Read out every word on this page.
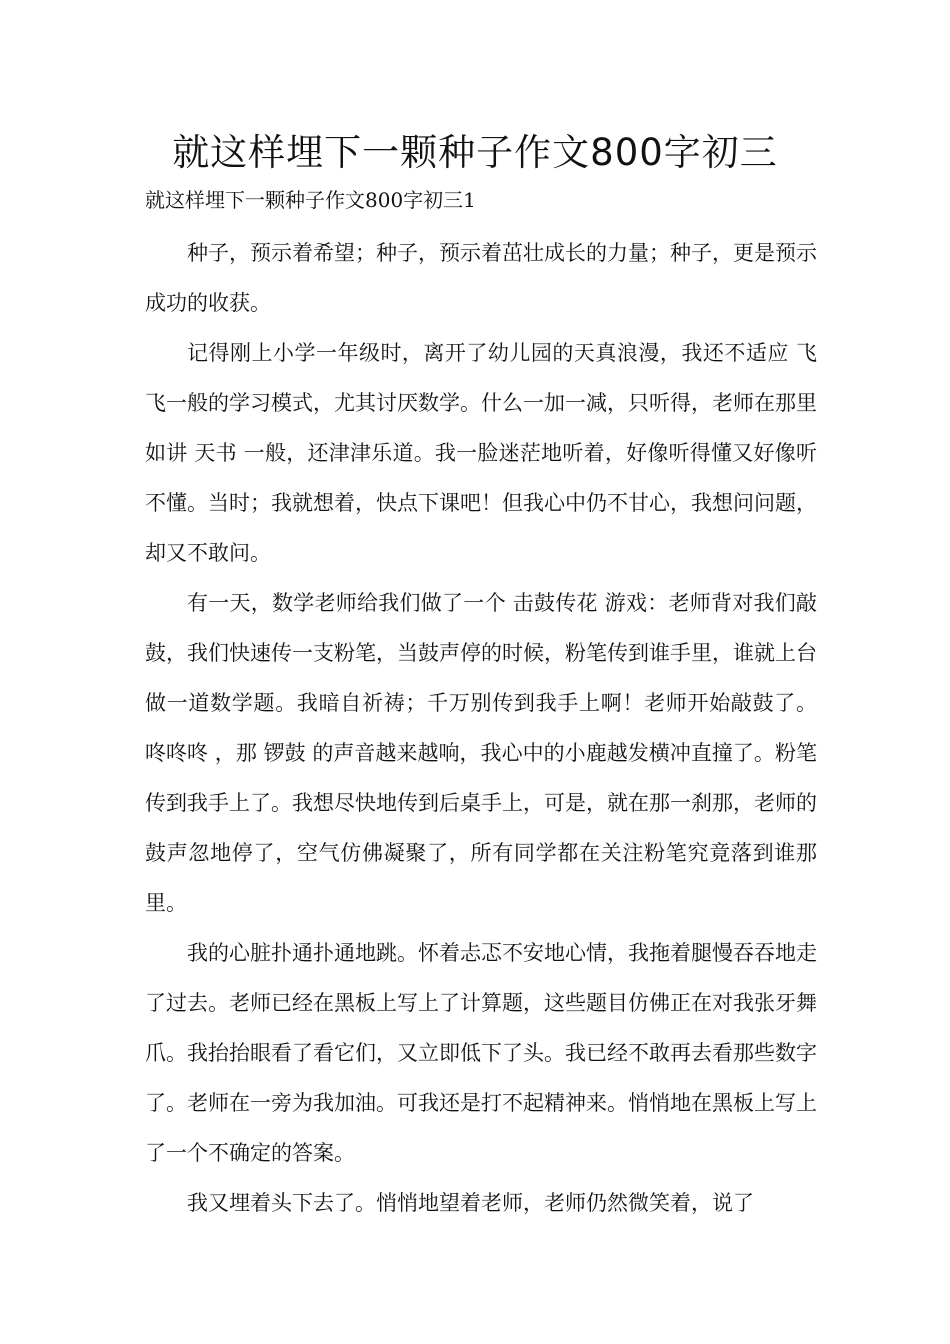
就这样埋下一颗种子作文800字初三
就这样埋下一颗种子作文800字初三1

种子，预示着希望；种子，预示着茁壮成长的力量；种子，更是预示成功的收获。

记得刚上小学一年级时，离开了幼儿园的天真浪漫，我还不适应 飞 飞一般的学习模式，尤其讨厌数学。什么一加一减，只听得，老师在那里如讲 天书 一般，还津津乐道。我一脸迷茫地听着，好像听得懂又好像听不懂。当时；我就想着，快点下课吧！但我心中仍不甘心，我想问问题，却又不敢问。

有一天，数学老师给我们做了一个 击鼓传花 游戏：老师背对我们敲鼓，我们快速传一支粉笔，当鼓声停的时候，粉笔传到谁手里，谁就上台做一道数学题。我暗自祈祷；千万别传到我手上啊！老师开始敲鼓了。 咚咚咚 ，那 锣鼓 的声音越来越响，我心中的小鹿越发横冲直撞了。粉笔传到我手上了。我想尽快地传到后桌手上，可是，就在那一刹那，老师的鼓声忽地停了，空气仿佛凝聚了，所有同学都在关注粉笔究竟落到谁那里。

我的心脏扑通扑通地跳。怀着忐忑不安地心情，我拖着腿慢吞吞地走了过去。老师已经在黑板上写上了计算题，这些题目仿佛正在对我张牙舞爪。我抬抬眼看了看它们，又立即低下了头。我已经不敢再去看那些数字了。老师在一旁为我加油。可我还是打不起精神来。悄悄地在黑板上写上了一个不确定的答案。

我又埋着头下去了。悄悄地望着老师，老师仍然微笑着，说了
